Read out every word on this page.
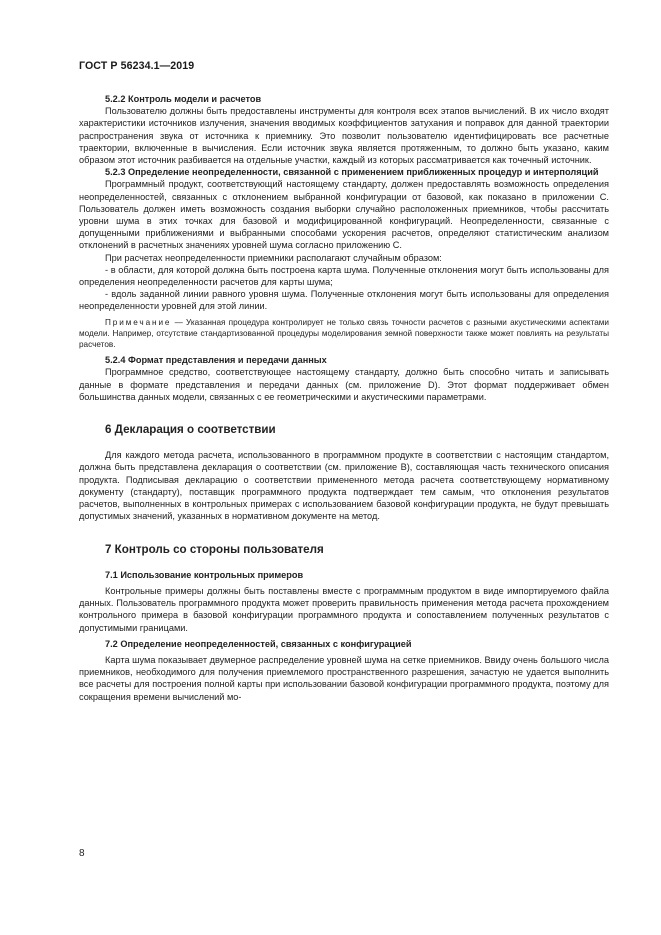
ГОСТ Р 56234.1—2019

5.2.2 Контроль модели и расчетов

Пользователю должны быть предоставлены инструменты для контроля всех этапов вычислений. В их число входят характеристики источников излучения, значения вводимых коэффициентов затухания и поправок для данной траектории распространения звука от источника к приемнику. Это позволит пользователю идентифицировать все расчетные траектории, включенные в вычисления. Если источник звука является протяженным, то должно быть указано, каким образом этот источник разбивается на отдельные участки, каждый из которых рассматривается как точечный источник.

5.2.3 Определение неопределенности, связанной с применением приближенных процедур и интерполяций

Программный продукт, соответствующий настоящему стандарту, должен предоставлять возможность определения неопределенностей, связанных с отклонением выбранной конфигурации от базовой, как показано в приложении C. Пользователь должен иметь возможность создания выборки случайно расположенных приемников, чтобы рассчитать уровни шума в этих точках для базовой и модифицированной конфигураций. Неопределенности, связанные с допущенными приближениями и выбранными способами ускорения расчетов, определяют статистическим анализом отклонений в расчетных значениях уровней шума согласно приложению C.

При расчетах неопределенности приемники располагают случайным образом:

- в области, для которой должна быть построена карта шума. Полученные отклонения могут быть использованы для определения неопределенности расчетов для карты шума;

- вдоль заданной линии равного уровня шума. Полученные отклонения могут быть использованы для определения неопределенности уровней для этой линии.

Примечание — Указанная процедура контролирует не только связь точности расчетов с разными акустическими аспектами модели. Например, отсутствие стандартизованной процедуры моделирования земной поверхности также может повлиять на результаты расчетов.

5.2.4 Формат представления и передачи данных

Программное средство, соответствующее настоящему стандарту, должно быть способно читать и записывать данные в формате представления и передачи данных (см. приложение D). Этот формат поддерживает обмен большинства данных модели, связанных с ее геометрическими и акустическими параметрами.

6 Декларация о соответствии

Для каждого метода расчета, использованного в программном продукте в соответствии с настоящим стандартом, должна быть представлена декларация о соответствии (см. приложение B), составляющая часть технического описания продукта. Подписывая декларацию о соответствии примененного метода расчета соответствующему нормативному документу (стандарту), поставщик программного продукта подтверждает тем самым, что отклонения результатов расчетов, выполненных в контрольных примерах с использованием базовой конфигурации продукта, не будут превышать допустимых значений, указанных в нормативном документе на метод.

7 Контроль со стороны пользователя

7.1 Использование контрольных примеров

Контрольные примеры должны быть поставлены вместе с программным продуктом в виде импортируемого файла данных. Пользователь программного продукта может проверить правильность применения метода расчета прохождением контрольного примера в базовой конфигурации программного продукта и сопоставлением полученных результатов с допустимыми границами.

7.2 Определение неопределенностей, связанных с конфигурацией

Карта шума показывает двумерное распределение уровней шума на сетке приемников. Ввиду очень большого числа приемников, необходимого для получения приемлемого пространственного разрешения, зачастую не удается выполнить все расчеты для построения полной карты при использовании базовой конфигурации программного продукта, поэтому для сокращения времени вычислений мо-

8
